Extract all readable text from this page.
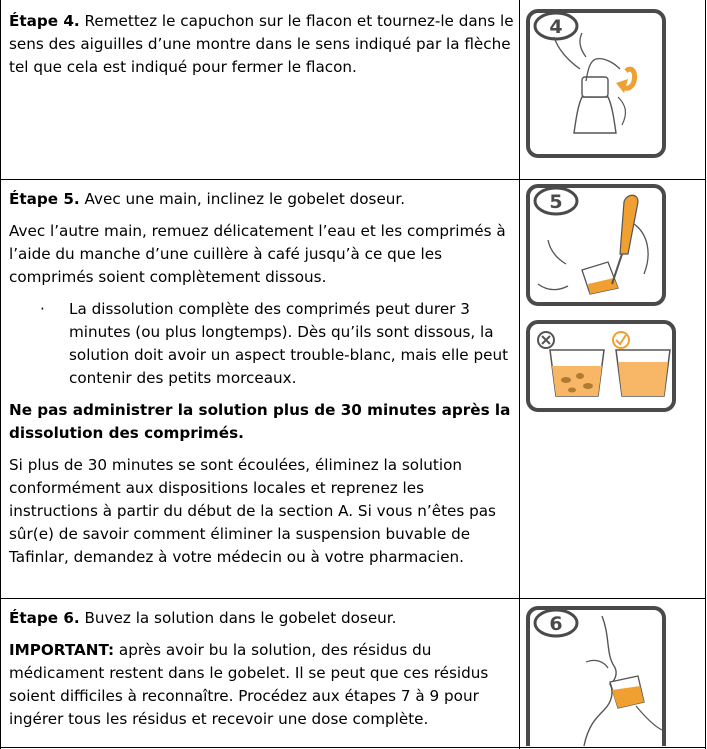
Étape 4. Remettez le capuchon sur le flacon et tournez-le dans le sens des aiguilles d’une montre dans le sens indiqué par la flèche tel que cela est indiqué pour fermer le flacon.

4

Étape 5. Avec une main, inclinez le gobelet doseur.

Avec l’autre main, remuez délicatement l’eau et les comprimés à l’aide du manche d’une cuillère à café jusqu’à ce que les comprimés soient complètement dissous.

· La dissolution complète des comprimés peut durer 3 minutes (ou plus longtemps). Dès qu’ils sont dissous, la solution doit avoir un aspect trouble-blanc, mais elle peut contenir des petits morceaux.

Ne pas administrer la solution plus de 30 minutes après la dissolution des comprimés.

Si plus de 30 minutes se sont écoulées, éliminez la solution conformément aux dispositions locales et reprenez les instructions à partir du début de la section A. Si vous n’êtes pas sûr(e) de savoir comment éliminer la suspension buvable de Tafinlar, demandez à votre médecin ou à votre pharmacien.

5

Étape 6. Buvez la solution dans le gobelet doseur.

IMPORTANT: après avoir bu la solution, des résidus du médicament restent dans le gobelet. Il se peut que ces résidus soient difficiles à reconnaître. Procédez aux étapes 7 à 9 pour ingérer tous les résidus et recevoir une dose complète.

6
